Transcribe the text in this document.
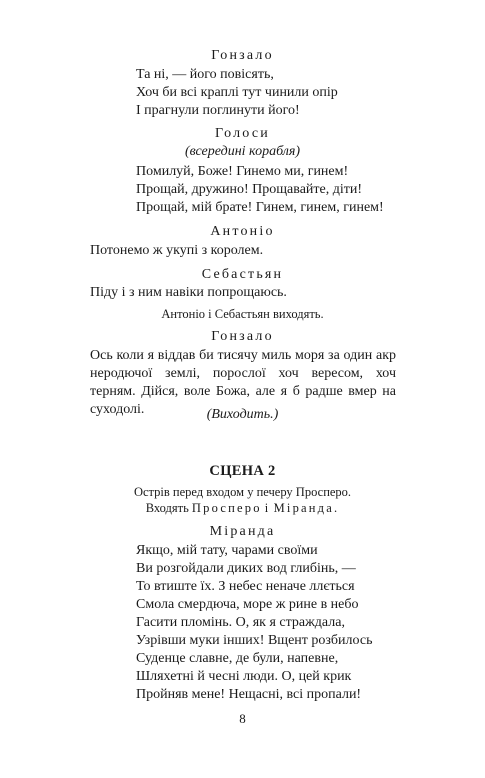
Гонзало
Та ні, — його повісять,
Хоч би всі краплі тут чинили опір
І прагнули поглинути його!
Голоси
(всередині корабля)
Помилуй, Боже! Гинемо ми, гинем!
Прощай, дружино! Прощавайте, діти!
Прощай, мій брате! Гинем, гинем, гинем!
Антоніо
Потонемо ж укупі з королем.
Себастьян
Піду і з ним навіки попрощаюсь.
Антоніо і Себастьян виходять.
Гонзало
Ось коли я віддав би тисячу миль моря за один акр неродючої землі, порослої хоч вересом, хоч терням. Дійся, воле Божа, але я б радше вмер на суходолі.	(Виходить.)
СЦЕНА 2
Острів перед входом у печеру Просперо.
Входять Просперо і Міранда.
Міранда
Якщо, мій тату, чарами своїми
Ви розгойдали диких вод глибінь, —
То втиште їх. З небес неначе ллється
Смола смердюча, море ж рине в небо
Гасити пломінь. О, як я страждала,
Узрівши муки інших! Вщент розбилось
Суденце славне, де були, напевне,
Шляхетні й чесні люди. О, цей крик
Пройняв мене! Нещасні, всі пропали!
8
